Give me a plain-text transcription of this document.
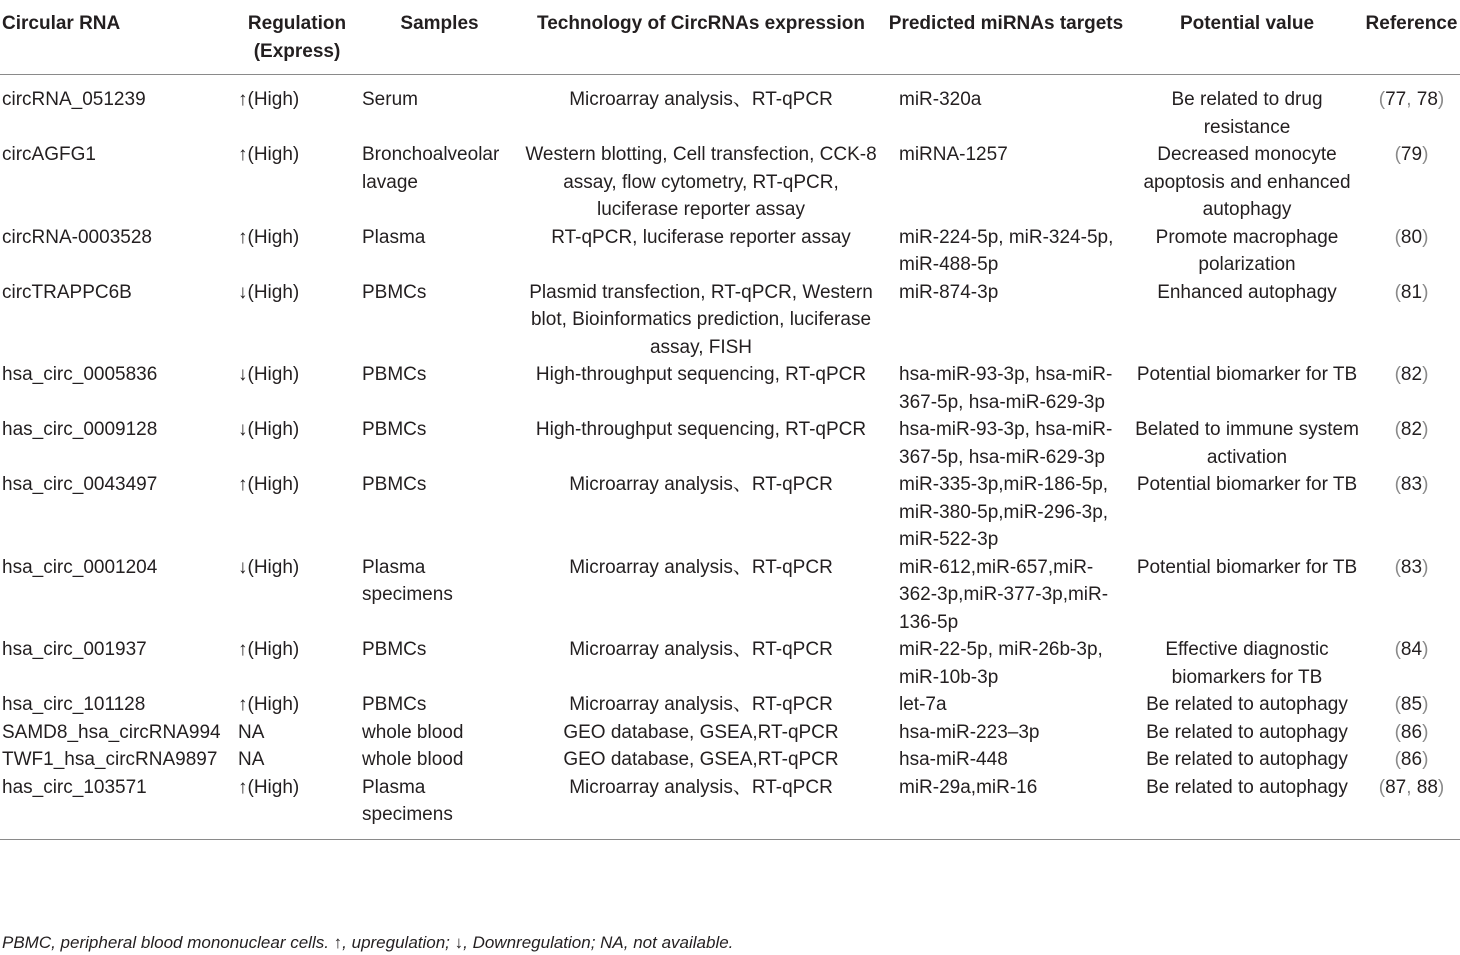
Circular RNA	Regulation (Express)	Samples	Technology of CircRNAs expression	Predicted miRNAs targets	Potential value	Reference
circRNA_051239	↑(High)	Serum	Microarray analysis、RT-qPCR	miR-320a	Be related to drug resistance	(77, 78)
circAGFG1	↑(High)	Bronchoalveolar lavage	Western blotting, Cell transfection, CCK-8 assay, flow cytometry, RT-qPCR, luciferase reporter assay	miRNA-1257	Decreased monocyte apoptosis and enhanced autophagy	(79)
circRNA-0003528	↑(High)	Plasma	RT-qPCR, luciferase reporter assay	miR-224-5p, miR-324-5p, miR-488-5p	Promote macrophage polarization	(80)
circTRAPPC6B	↓(High)	PBMCs	Plasmid transfection, RT-qPCR, Western blot, Bioinformatics prediction, luciferase assay, FISH	miR-874-3p	Enhanced autophagy	(81)
hsa_circ_0005836	↓(High)	PBMCs	High-throughput sequencing, RT-qPCR	hsa-miR-93-3p, hsa-miR-367-5p, hsa-miR-629-3p	Potential biomarker for TB	(82)
has_circ_0009128	↓(High)	PBMCs	High-throughput sequencing, RT-qPCR	hsa-miR-93-3p, hsa-miR-367-5p, hsa-miR-629-3p	Belated to immune system activation	(82)
hsa_circ_0043497	↑(High)	PBMCs	Microarray analysis、RT-qPCR	miR-335-3p,miR-186-5p, miR-380-5p,miR-296-3p, miR-522-3p	Potential biomarker for TB	(83)
hsa_circ_0001204	↓(High)	Plasma specimens	Microarray analysis、RT-qPCR	miR-612,miR-657,miR-362-3p,miR-377-3p,miR-136-5p	Potential biomarker for TB	(83)
hsa_circ_001937	↑(High)	PBMCs	Microarray analysis、RT-qPCR	miR-22-5p, miR-26b-3p, miR-10b-3p	Effective diagnostic biomarkers for TB	(84)
hsa_circ_101128	↑(High)	PBMCs	Microarray analysis、RT-qPCR	let-7a	Be related to autophagy	(85)
SAMD8_hsa_circRNA994	NA	whole blood	GEO database, GSEA,RT-qPCR	hsa-miR-223–3p	Be related to autophagy	(86)
TWF1_hsa_circRNA9897	NA	whole blood	GEO database, GSEA,RT-qPCR	hsa-miR-448	Be related to autophagy	(86)
has_circ_103571	↑(High)	Plasma specimens	Microarray analysis、RT-qPCR	miR-29a,miR-16	Be related to autophagy	(87, 88)
PBMC, peripheral blood mononuclear cells. ↑, upregulation; ↓, Downregulation; NA, not available.
